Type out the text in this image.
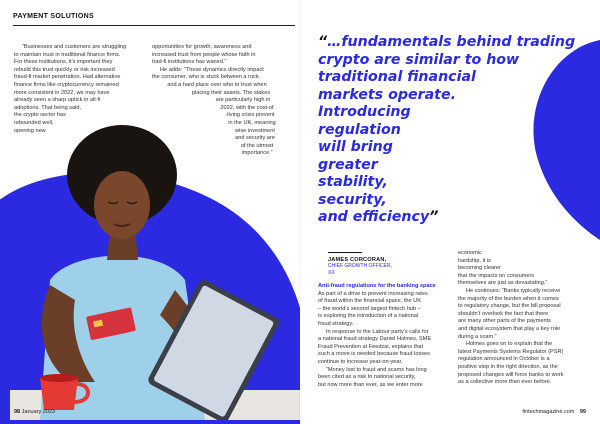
PAYMENT SOLUTIONS

“Businesses and customers are struggling

to maintain trust in traditional finance firms.

For these institutions, it’s important they

rebuild this trust quickly or risk increased

fraud-fi market penetration. Had alternative

finance firms like cryptocurrency remained

more consistent in 2022, we may have

already seen a sharp uptick in alt-fi

adoptions. That being said,

the crypto sector has

rebounded well,

opening new

opportunities for growth, awareness and

increased trust from people whose faith in

trad-fi institutions has waned.”

He adds: “These dynamics directly impact

the consumer, who is stuck between a rock

and a hard place over who to trust when

placing their assets. The stakes

are particularly high in

2022, with the cost-of

-living crisis prevent

in the UK, meaning

wise investment

and security are

of the utmost

importance.”

98 January 2023
“…fundamentals behind trading
crypto are similar to how
traditional financial
markets operate.
Introducing
regulation
will bring
greater
stability,
security,
and efficiency”
JAMES CORCORAN,
CHIEF GROWTH OFFICER,
XX

Anti-fraud regulations for the banking space

As part of a drive to prevent increasing rates

of fraud within the financial space, the UK

– the world’s second largest fintech hub –

is exploring the introduction of a national

fraud strategy.

In response to the Labour party’s calls for

a national fraud strategy Daniel Holmes, SME

Fraud Prevention at Feedzai, explains that

such a move is needed because fraud losses

continue to increase year-on-year.

“Money lost to fraud and scams has long

been cited as a risk to national security,

but now more than ever, as we enter more

economic

hardship, it is

becoming clearer

that the impacts on consumers

themselves are just as devastating.”

He continues: “Banks typically receive

the majority of the burden when it comes

to regulatory change, but the bill proposal

shouldn’t overlook the fact that there

are many other parts of the payments

and digital ecosystem that play a key role

during a scam.”

Holmes goes on to explain that the

latest Payments Systems Regulator (PSR)

regulation announced in October is a

positive step in the right direction, as the

proposed changes will force banks to work

as a collective more than ever before.

fintechmagazine.com 99
